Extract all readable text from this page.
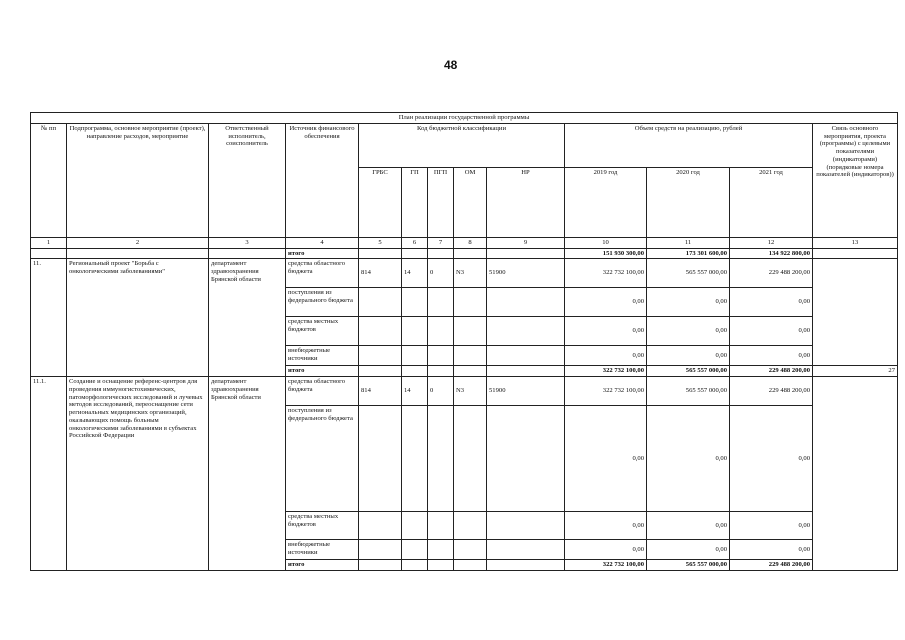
48
План реализации государственной программы												
№ пп	Подпрограмма, основное мероприятие (проект), направление расходов, мероприятие	Ответственный исполнитель, соисполнитель	Источник финансового обеспечения	Код бюджетной классификации					Объем средств на реализацию, рублей			Связь основного мероприятия, проекта (программы) с целевыми показателями (индикаторами) (порядковые номера показателей (индикаторов))
				ГРБС	ГП	ПГП	ОМ	НР	2019 год	2020 год	2021 год	
1	2	3	4	5	6	7	8	9	10	11	12	13
			итого						151 930 300,00	173 301 600,00	134 922 800,00	
11.	Региональный проект "Борьба с онкологическими заболеваниями"	департамент здравоохранения Брянской области	средства областного бюджета	814	14	0	N3	51900	322 732 100,00	565 557 000,00	229 488 200,00	
			поступления из федерального бюджета						0,00	0,00	0,00	
			средства местных бюджетов						0,00	0,00	0,00	
			внебюджетные источники						0,00	0,00	0,00	
			итого						322 732 100,00	565 557 000,00	229 488 200,00	27
11.1.	Создание и оснащение референс-центров для проведения иммуногистохимических, патоморфологических исследований и лучевых методов исследований, переоснащение сети региональных медицинских организаций, оказывающих помощь больным онкологическими заболеваниями в субъектах Российской Федерации	департамент здравоохранения Брянской области	средства областного бюджета	814	14	0	N3	51900	322 732 100,00	565 557 000,00	229 488 200,00	
			поступления из федерального бюджета						0,00	0,00	0,00	
			средства местных бюджетов						0,00	0,00	0,00	
			внебюджетные источники						0,00	0,00	0,00	
			итого						322 732 100,00	565 557 000,00	229 488 200,00	
